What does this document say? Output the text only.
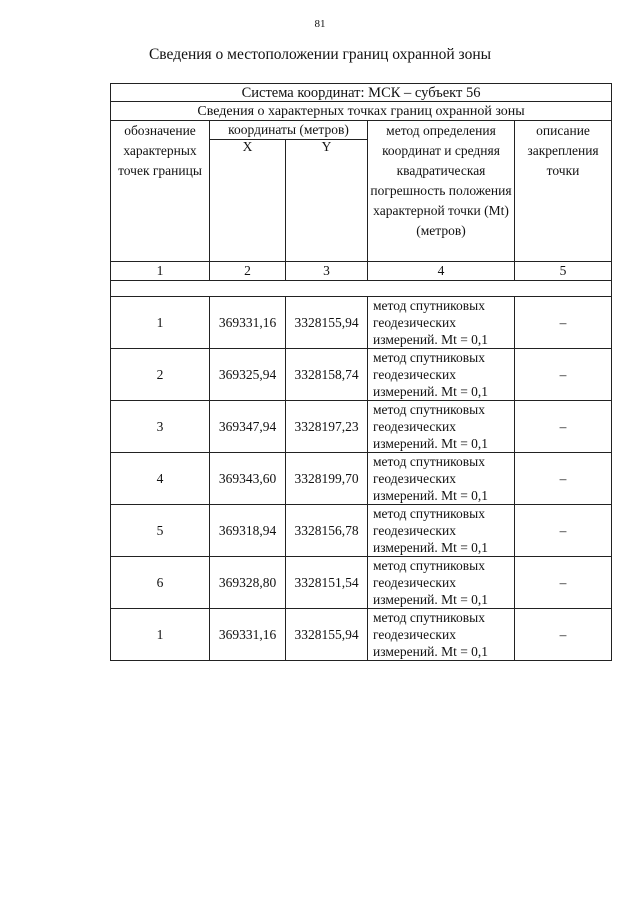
81
Сведения о местоположении границ охранной зоны
Система координат: МСК – субъект 56				
Сведения о характерных точках границ охранной зоны				
обозначение характерных точек границы	координаты (метров)		метод определения координат и средняя квадратическая погрешность положения характерной точки (Mt) (метров)	описание закрепления точки
	X	Y		
1	2	3	4	5

1	369331,16	3328155,94	метод спутниковых геодезических измерений. Mt = 0,1	–
2	369325,94	3328158,74	метод спутниковых геодезических измерений. Mt = 0,1	–
3	369347,94	3328197,23	метод спутниковых геодезических измерений. Mt = 0,1	–
4	369343,60	3328199,70	метод спутниковых геодезических измерений. Mt = 0,1	–
5	369318,94	3328156,78	метод спутниковых геодезических измерений. Mt = 0,1	–
6	369328,80	3328151,54	метод спутниковых геодезических измерений. Mt = 0,1	–
1	369331,16	3328155,94	метод спутниковых геодезических измерений. Mt = 0,1	–
